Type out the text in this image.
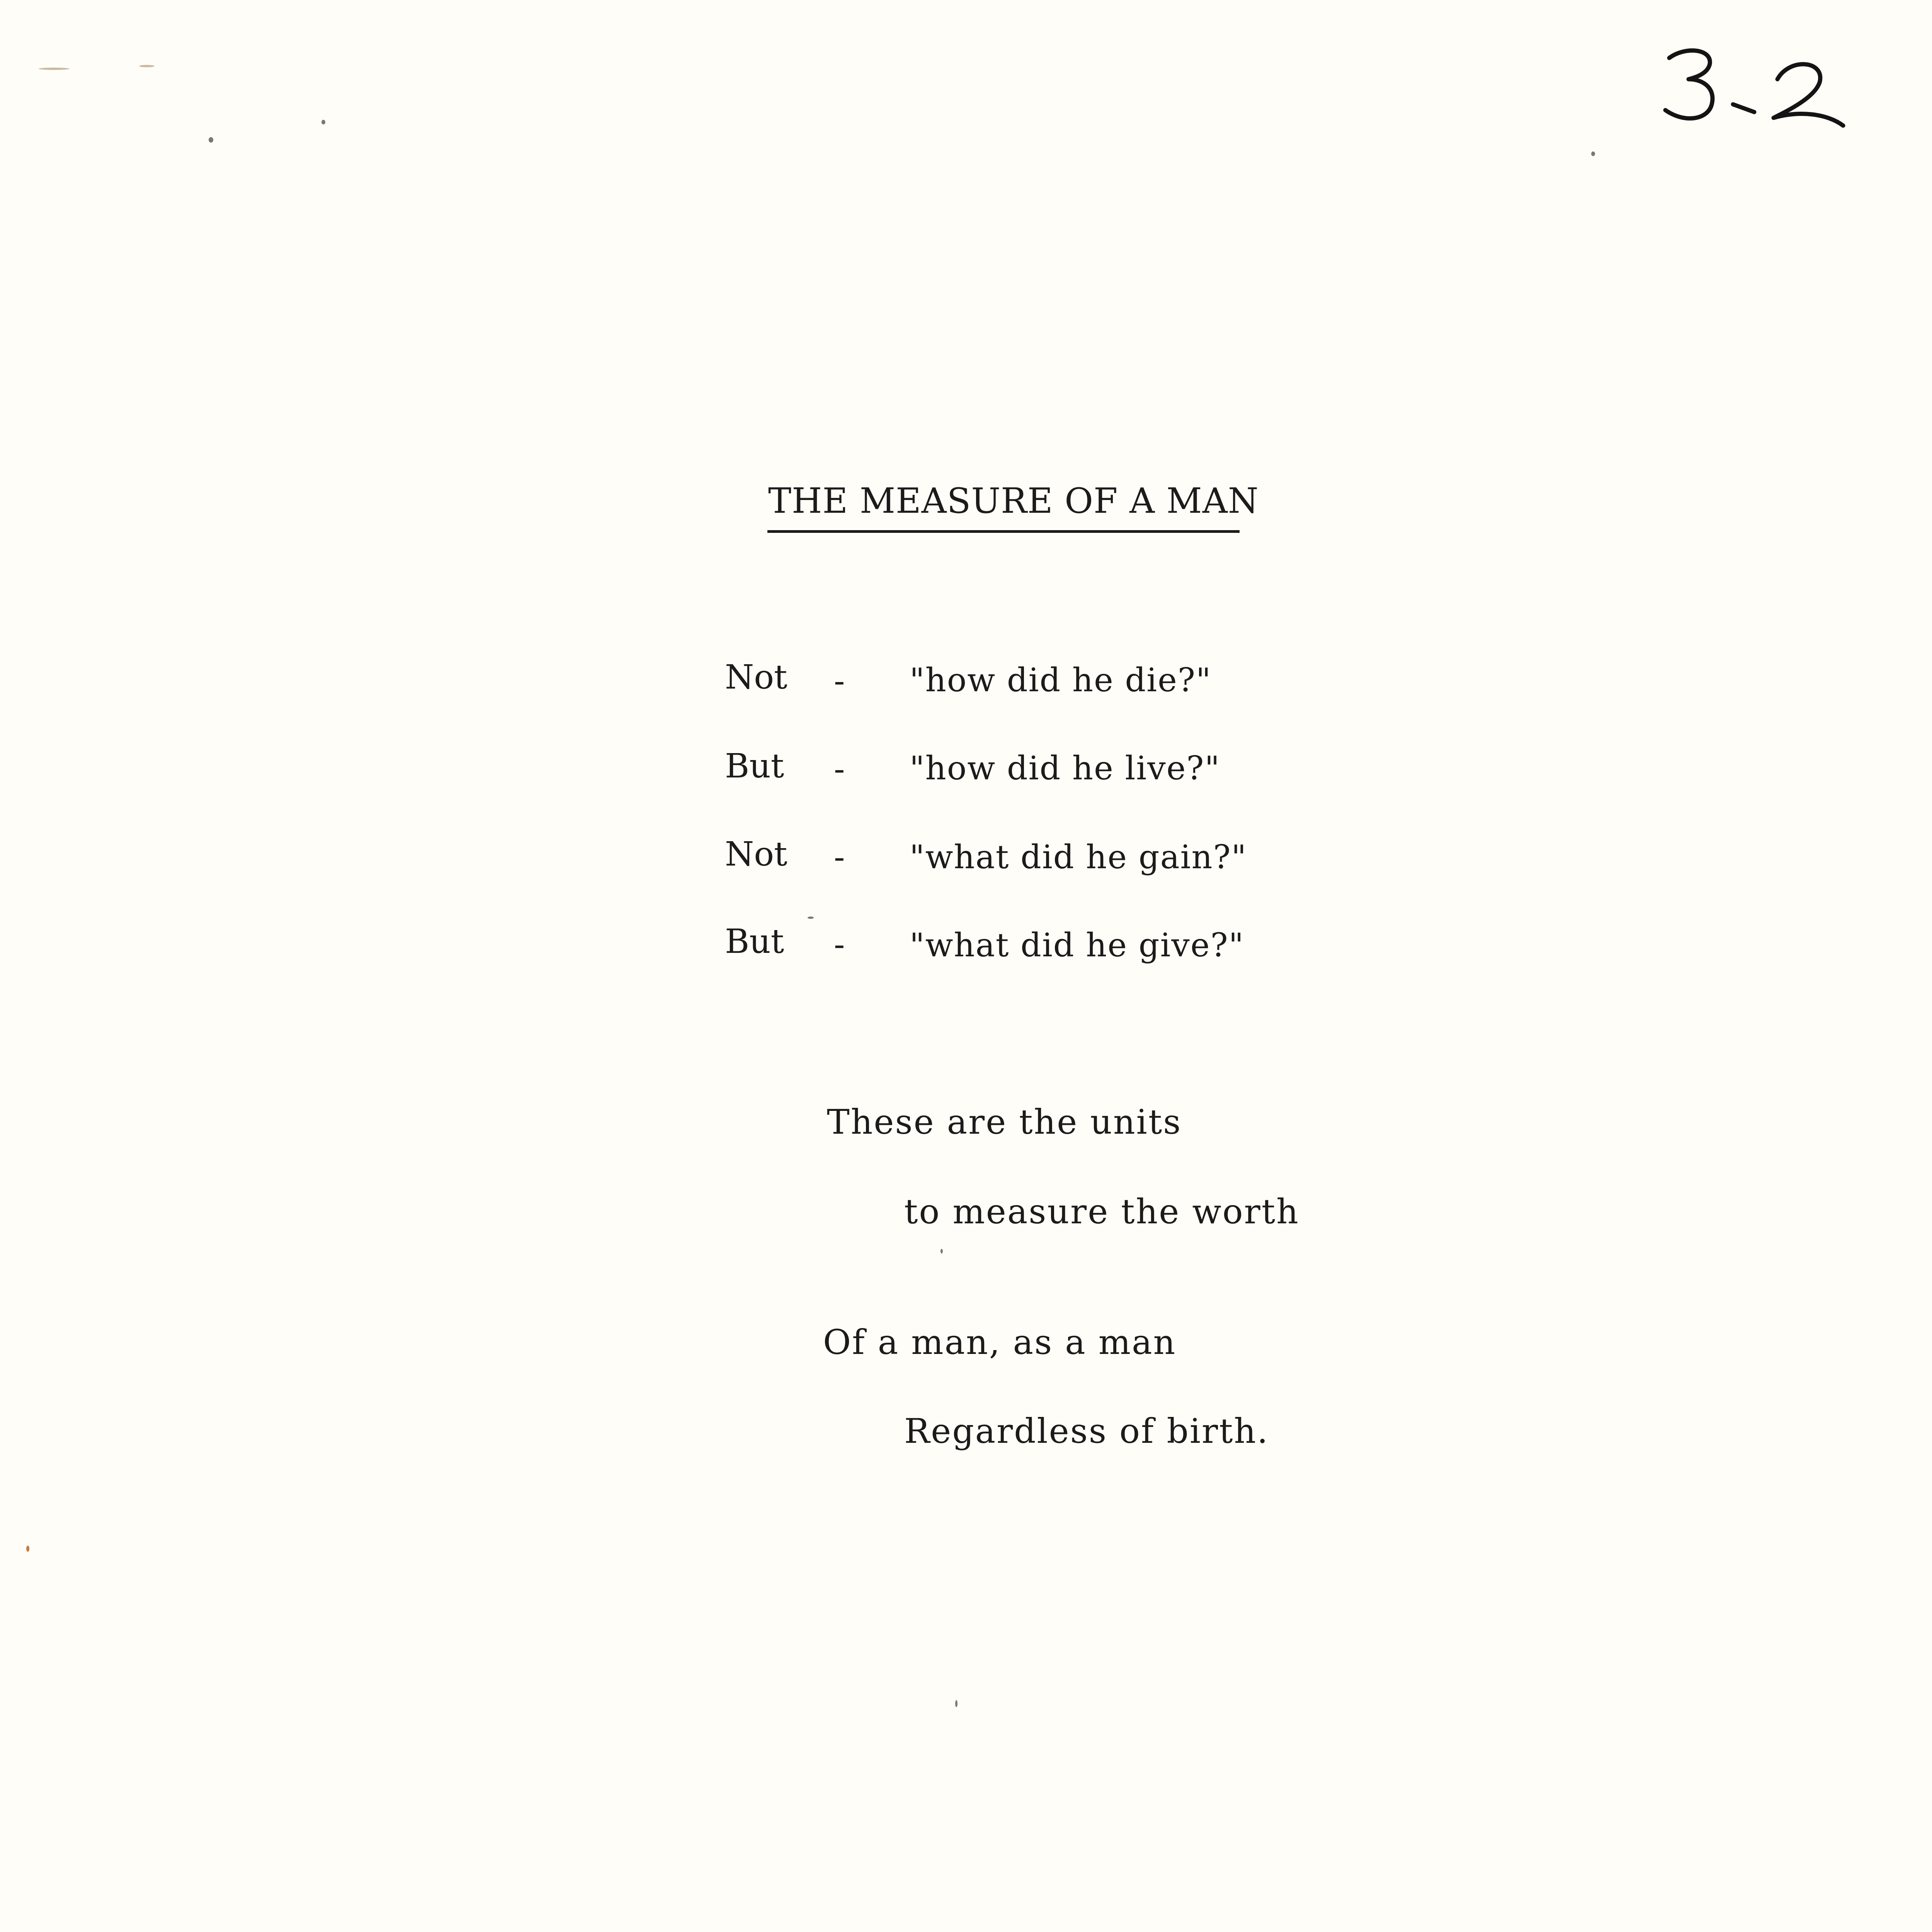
THE MEASURE OF A MAN
Not - "how did he die?"
But - "how did he live?"
Not - "what did he gain?"
But - "what did he give?"
These are the units
to measure the worth
Of a man, as a man
Regardless of birth.
